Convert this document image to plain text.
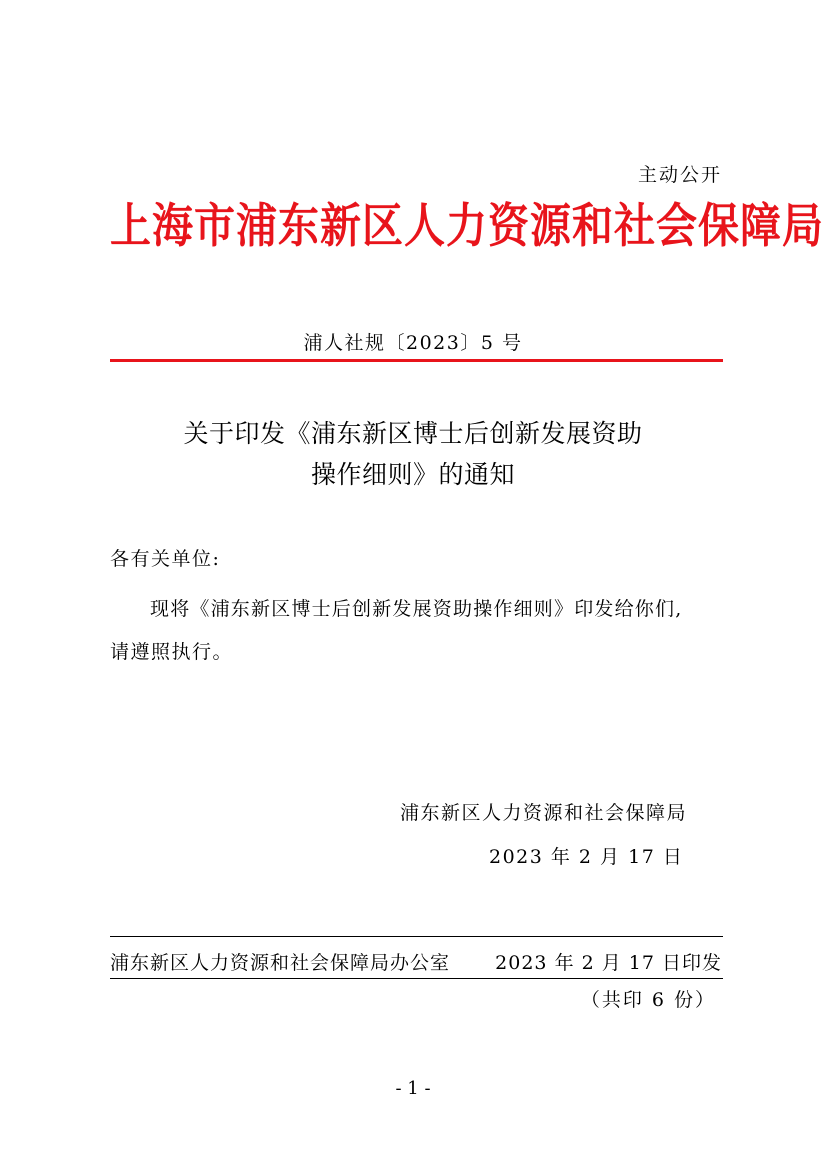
主动公开
上海市浦东新区人力资源和社会保障局
浦人社规〔2023〕5 号
关于印发《浦东新区博士后创新发展资助
操作细则》的通知
各有关单位:
现将《浦东新区博士后创新发展资助操作细则》印发给你们,
请遵照执行。
浦东新区人力资源和社会保障局
2023 年 2 月 17 日
浦东新区人力资源和社会保障局办公室 2023 年 2 月 17 日印发
（共印 6 份）
- 1 -
